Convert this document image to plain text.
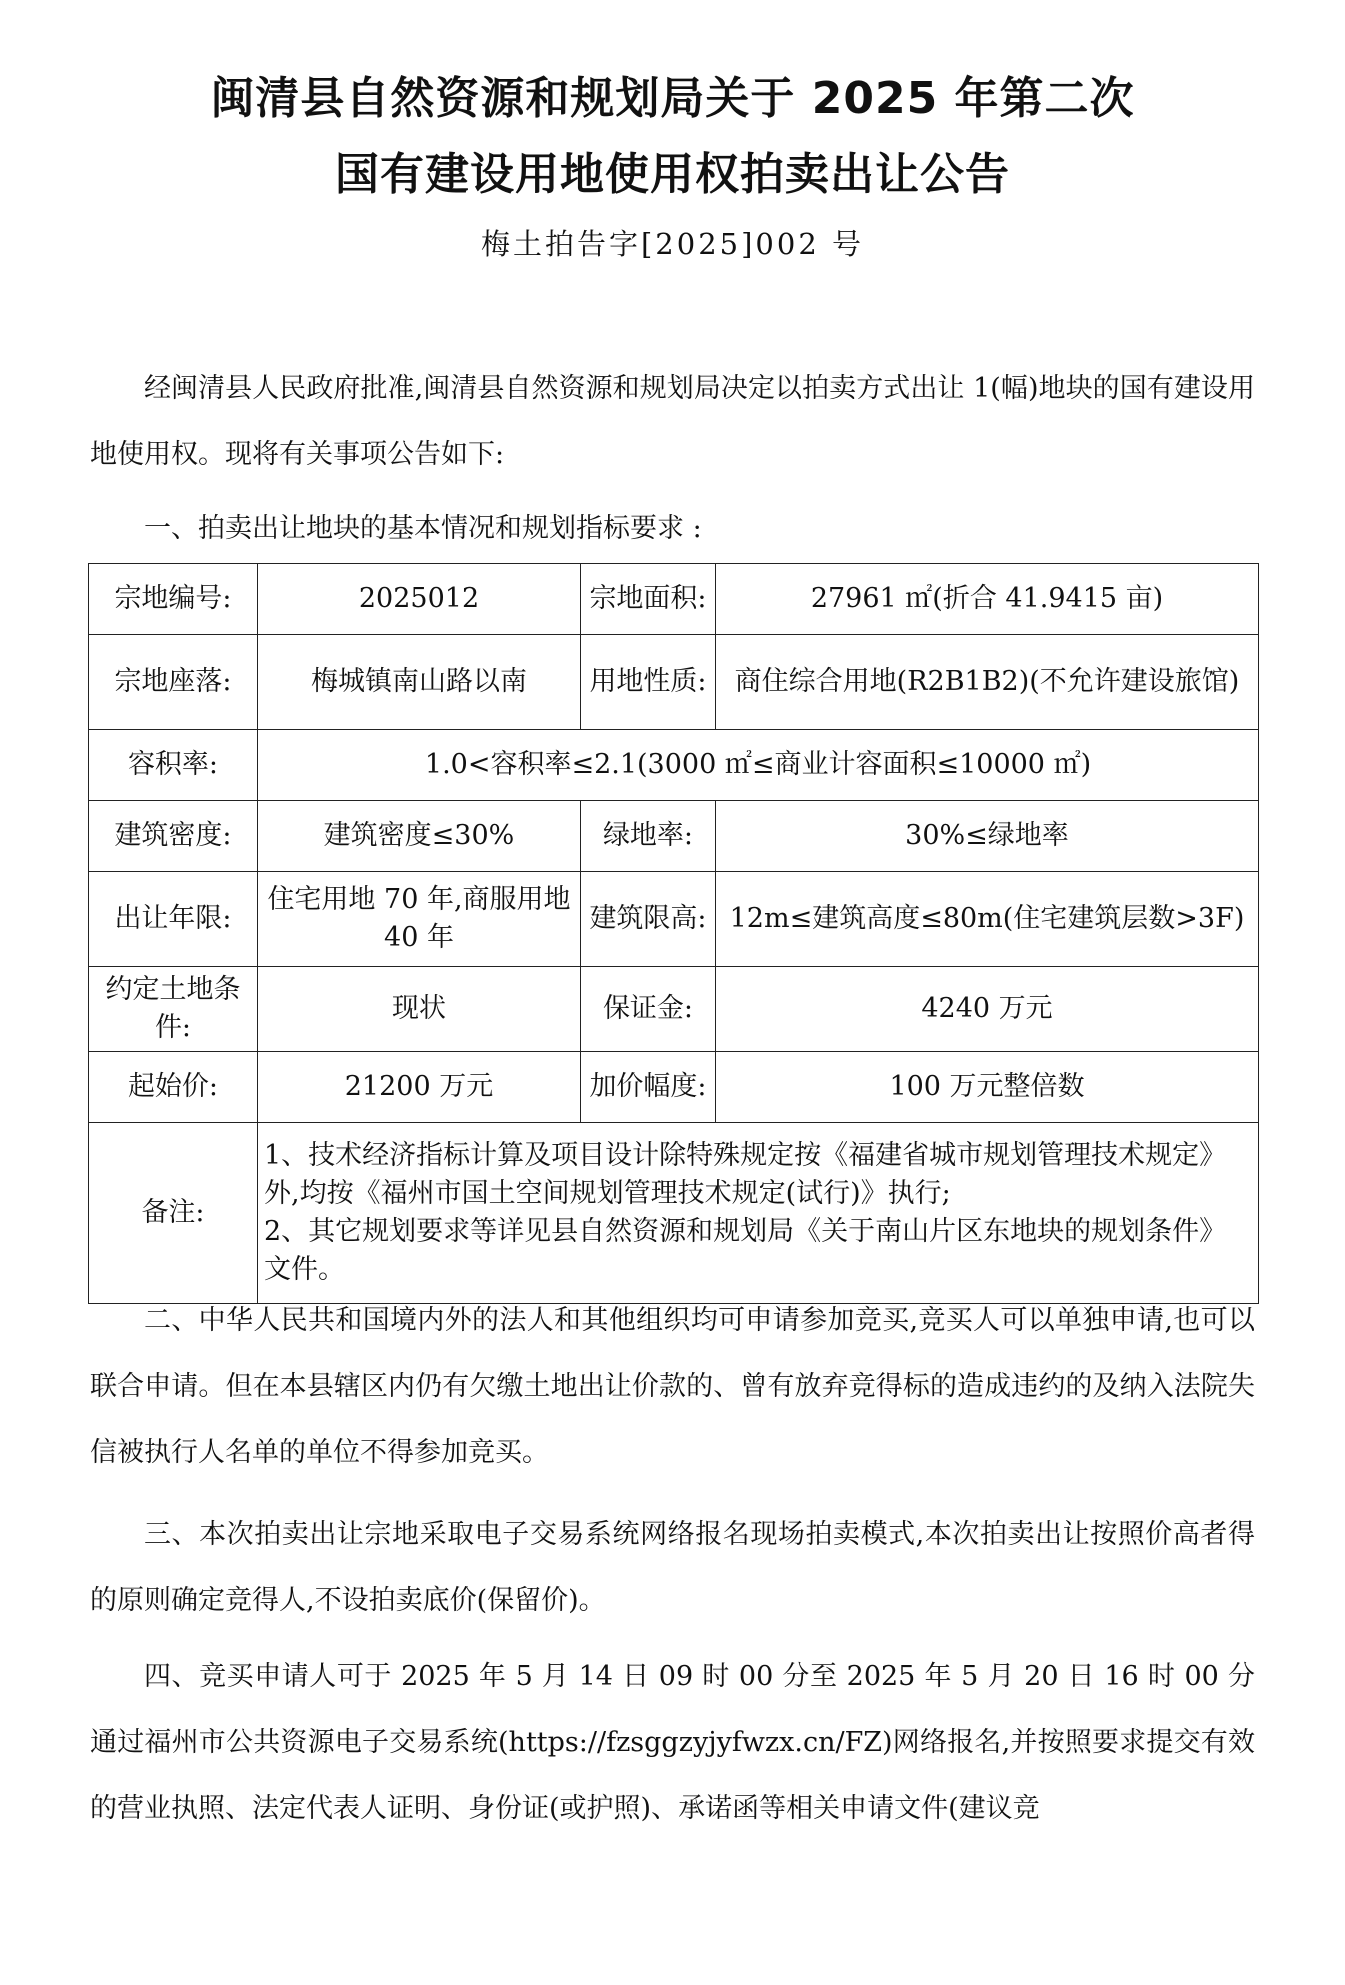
闽清县自然资源和规划局关于 2025 年第二次
国有建设用地使用权拍卖出让公告
梅土拍告字[2025]002 号

经闽清县人民政府批准,闽清县自然资源和规划局决定以拍卖方式出让 1(幅)地块的国有建设用地使用权。现将有关事项公告如下:

一、拍卖出让地块的基本情况和规划指标要求 :

宗地编号:	2025012	宗地面积:	27961 ㎡(折合 41.9415 亩)
宗地座落:	梅城镇南山路以南	用地性质:	商住综合用地(R2B1B2)(不允许建设旅馆)
容积率:	1.0<容积率≤2.1(3000 ㎡≤商业计容面积≤10000 ㎡)		
建筑密度:	建筑密度≤30%	绿地率:	30%≤绿地率
出让年限:	住宅用地 70 年,商服用地 40 年	建筑限高:	12m≤建筑高度≤80m(住宅建筑层数>3F)
约定土地条件:	现状	保证金:	4240 万元
起始价:	21200 万元	加价幅度:	100 万元整倍数
备注:	1、技术经济指标计算及项目设计除特殊规定按《福建省城市规划管理技术规定》外,均按《福州市国土空间规划管理技术规定(试行)》执行;
2、其它规划要求等详见县自然资源和规划局《关于南山片区东地块的规划条件》文件。		

二、中华人民共和国境内外的法人和其他组织均可申请参加竞买,竞买人可以单独申请,也可以联合申请。但在本县辖区内仍有欠缴土地出让价款的、曾有放弃竞得标的造成违约的及纳入法院失信被执行人名单的单位不得参加竞买。

三、本次拍卖出让宗地采取电子交易系统网络报名现场拍卖模式,本次拍卖出让按照价高者得的原则确定竞得人,不设拍卖底价(保留价)。

四、竞买申请人可于 2025 年 5 月 14 日 09 时 00 分至 2025 年 5 月 20 日 16 时 00 分通过福州市公共资源电子交易系统(https://fzsggzyjyfwzx.cn/FZ)网络报名,并按照要求提交有效的营业执照、法定代表人证明、身份证(或护照)、承诺函等相关申请文件(建议竞
